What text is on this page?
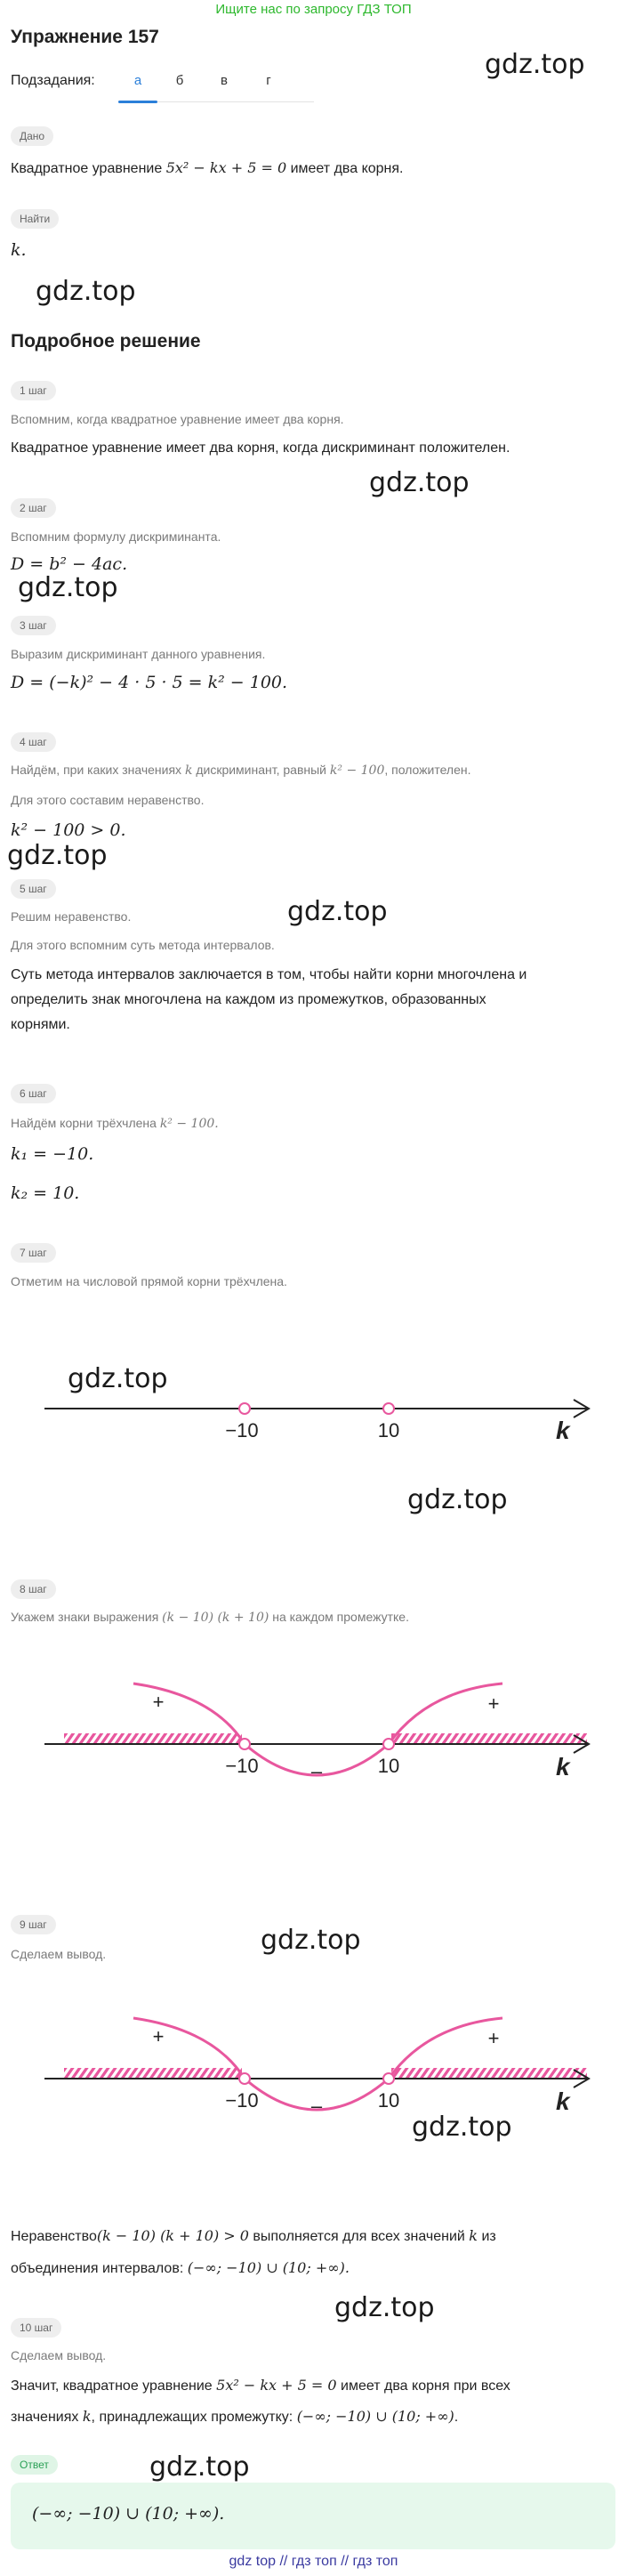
Ищите нас по запросу ГДЗ ТОП
Упражнение 157
Подзадания:	а	б	в	г
gdz.top
gdz.top
gdz.top
gdz.top
gdz.top
gdz.top
gdz.top
gdz.top
gdz.top
gdz.top
gdz.top
gdz.top
Дано
Квадратное уравнение 5x² − kx + 5 = 0 имеет два корня.
Найти
k.
Подробное решение
1 шаг
Вспомним, когда квадратное уравнение имеет два корня.
Квадратное уравнение имеет два корня, когда дискриминант положителен.
2 шаг
Вспомним формулу дискриминанта.
D = b² − 4ac.
3 шаг
Выразим дискриминант данного уравнения.
D = (−k)² − 4 · 5 · 5 = k² − 100.
4 шаг
Найдём, при каких значениях k дискриминант, равный k² − 100, положителен.
Для этого составим неравенство.
k² − 100 > 0.
5 шаг
Решим неравенство.
Для этого вспомним суть метода интервалов.
Суть метода интервалов заключается в том, чтобы найти корни многочлена и
определить знак многочлена на каждом из промежутков, образованных
корнями.
6 шаг
Найдём корни трёхчлена k² − 100.
k₁ = −10.
k₂ = 10.
7 шаг
Отметим на числовой прямой корни трёхчлена.
−10	10	k
8 шаг
Укажем знаки выражения (k − 10) (k + 10) на каждом промежутке.
+	+
–
−10	10	k
9 шаг
Сделаем вывод.
+	+
–
−10	10	k
Неравенство(k − 10) (k + 10) > 0 выполняется для всех значений k из
объединения интервалов: (−∞; −10) ∪ (10; +∞).
10 шаг
Сделаем вывод.
Значит, квадратное уравнение 5x² − kx + 5 = 0 имеет два корня при всех
значениях k, принадлежащих промежутку: (−∞; −10) ∪ (10; +∞).
Ответ
(−∞; −10) ∪ (10; +∞).
gdz top // гдз топ // гдз топ
